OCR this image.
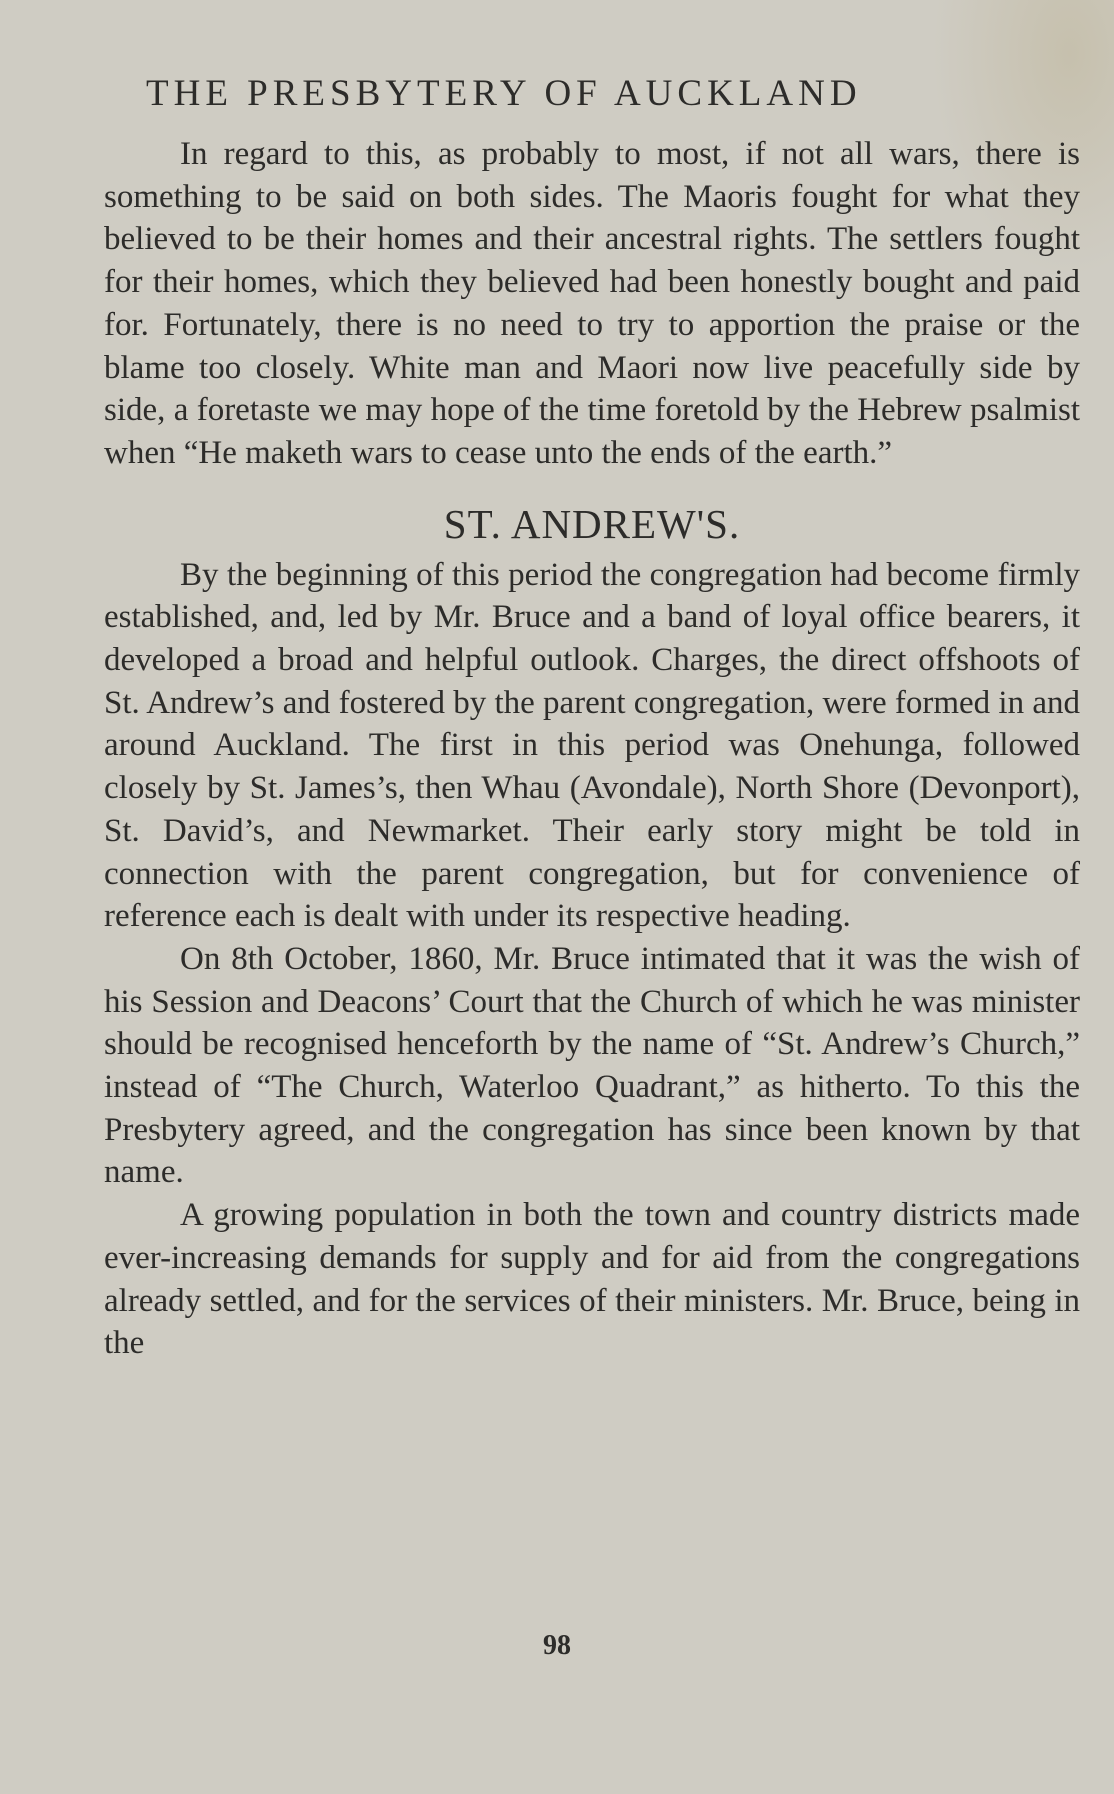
THE PRESBYTERY OF AUCKLAND

In regard to this, as probably to most, if not all wars, there is something to be said on both sides. The Maoris fought for what they believed to be their homes and their ancestral rights. The settlers fought for their homes, which they believed had been honestly bought and paid for. Fortunately, there is no need to try to apportion the praise or the blame too closely. White man and Maori now live peacefully side by side, a foretaste we may hope of the time foretold by the Hebrew psalmist when “He maketh wars to cease unto the ends of the earth.”

ST. ANDREW'S.

By the beginning of this period the congregation had become firmly established, and, led by Mr. Bruce and a band of loyal office bearers, it developed a broad and helpful outlook. Charges, the direct offshoots of St. Andrew’s and fostered by the parent congregation, were formed in and around Auckland. The first in this period was Onehunga, followed closely by St. James’s, then Whau (Avondale), North Shore (Devonport), St. David’s, and Newmarket. Their early story might be told in connection with the parent congregation, but for convenience of reference each is dealt with under its respective heading.

On 8th October, 1860, Mr. Bruce intimated that it was the wish of his Session and Deacons’ Court that the Church of which he was minister should be recognised henceforth by the name of “St. Andrew’s Church,” instead of “The Church, Waterloo Quadrant,” as hitherto. To this the Presbytery agreed, and the congregation has since been known by that name.

A growing population in both the town and country districts made ever-increasing demands for supply and for aid from the congregations already settled, and for the services of their ministers. Mr. Bruce, being in the

98
